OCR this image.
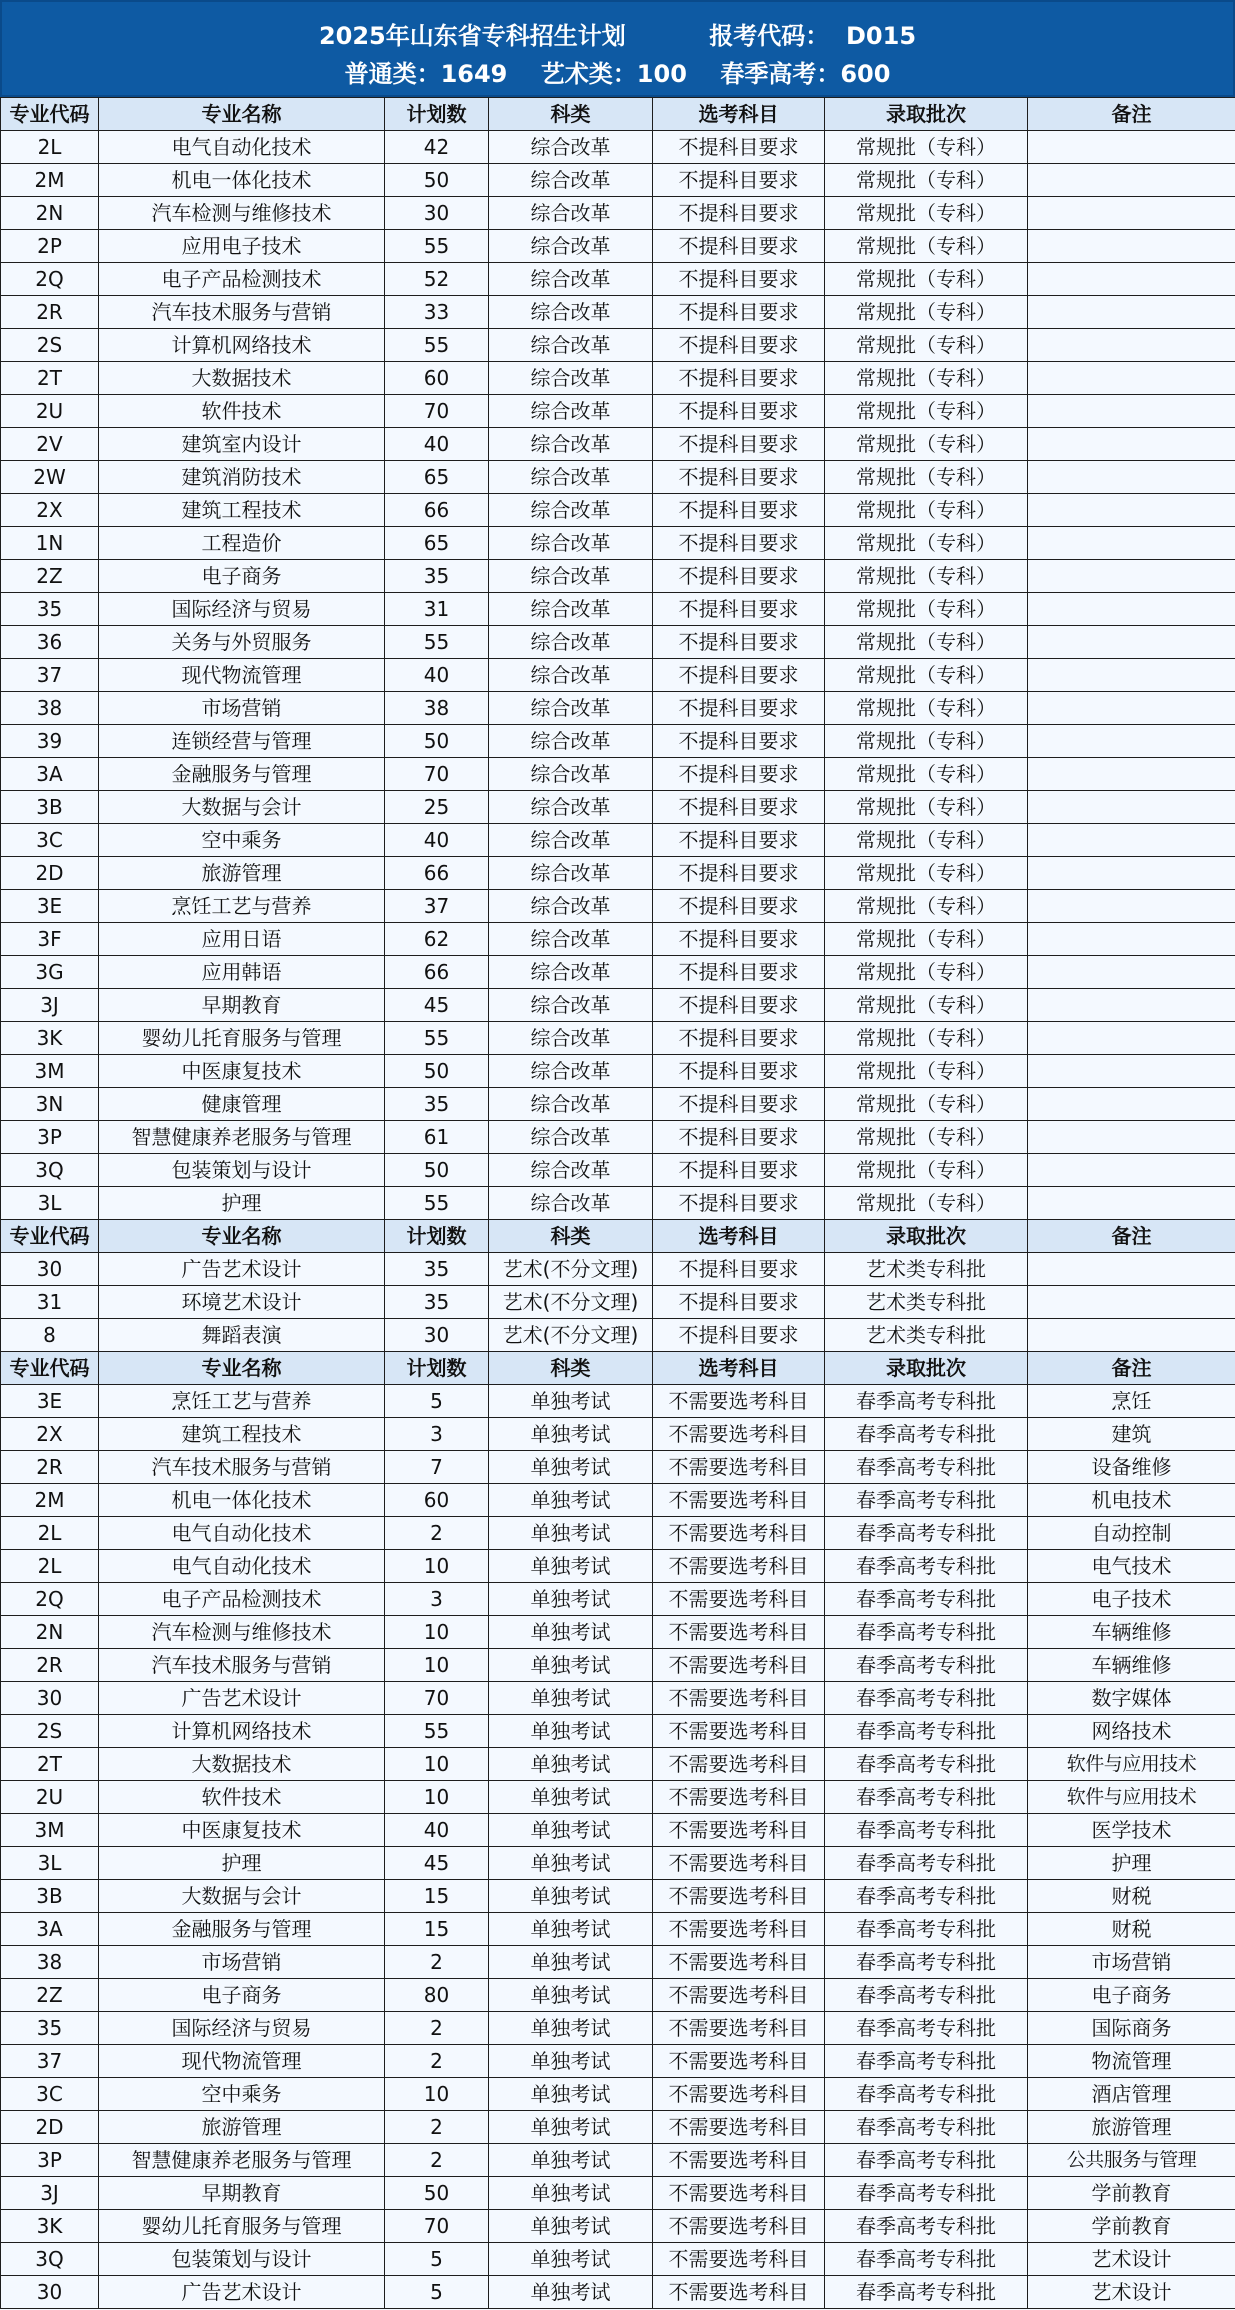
2025年山东省专科招生计划          报考代码：  D015
普通类：1649    艺术类：100    春季高考：600
专业代码	专业名称	计划数	科类	选考科目	录取批次	备注
2L	电气自动化技术	42	综合改革	不提科目要求	常规批（专科）	
2M	机电一体化技术	50	综合改革	不提科目要求	常规批（专科）	
2N	汽车检测与维修技术	30	综合改革	不提科目要求	常规批（专科）	
2P	应用电子技术	55	综合改革	不提科目要求	常规批（专科）	
2Q	电子产品检测技术	52	综合改革	不提科目要求	常规批（专科）	
2R	汽车技术服务与营销	33	综合改革	不提科目要求	常规批（专科）	
2S	计算机网络技术	55	综合改革	不提科目要求	常规批（专科）	
2T	大数据技术	60	综合改革	不提科目要求	常规批（专科）	
2U	软件技术	70	综合改革	不提科目要求	常规批（专科）	
2V	建筑室内设计	40	综合改革	不提科目要求	常规批（专科）	
2W	建筑消防技术	65	综合改革	不提科目要求	常规批（专科）	
2X	建筑工程技术	66	综合改革	不提科目要求	常规批（专科）	
1N	工程造价	65	综合改革	不提科目要求	常规批（专科）	
2Z	电子商务	35	综合改革	不提科目要求	常规批（专科）	
35	国际经济与贸易	31	综合改革	不提科目要求	常规批（专科）	
36	关务与外贸服务	55	综合改革	不提科目要求	常规批（专科）	
37	现代物流管理	40	综合改革	不提科目要求	常规批（专科）	
38	市场营销	38	综合改革	不提科目要求	常规批（专科）	
39	连锁经营与管理	50	综合改革	不提科目要求	常规批（专科）	
3A	金融服务与管理	70	综合改革	不提科目要求	常规批（专科）	
3B	大数据与会计	25	综合改革	不提科目要求	常规批（专科）	
3C	空中乘务	40	综合改革	不提科目要求	常规批（专科）	
2D	旅游管理	66	综合改革	不提科目要求	常规批（专科）	
3E	烹饪工艺与营养	37	综合改革	不提科目要求	常规批（专科）	
3F	应用日语	62	综合改革	不提科目要求	常规批（专科）	
3G	应用韩语	66	综合改革	不提科目要求	常规批（专科）	
3J	早期教育	45	综合改革	不提科目要求	常规批（专科）	
3K	婴幼儿托育服务与管理	55	综合改革	不提科目要求	常规批（专科）	
3M	中医康复技术	50	综合改革	不提科目要求	常规批（专科）	
3N	健康管理	35	综合改革	不提科目要求	常规批（专科）	
3P	智慧健康养老服务与管理	61	综合改革	不提科目要求	常规批（专科）	
3Q	包装策划与设计	50	综合改革	不提科目要求	常规批（专科）	
3L	护理	55	综合改革	不提科目要求	常规批（专科）	
专业代码	专业名称	计划数	科类	选考科目	录取批次	备注
30	广告艺术设计	35	艺术(不分文理)	不提科目要求	艺术类专科批	
31	环境艺术设计	35	艺术(不分文理)	不提科目要求	艺术类专科批	
8	舞蹈表演	30	艺术(不分文理)	不提科目要求	艺术类专科批	
专业代码	专业名称	计划数	科类	选考科目	录取批次	备注
3E	烹饪工艺与营养	5	单独考试	不需要选考科目	春季高考专科批	烹饪
2X	建筑工程技术	3	单独考试	不需要选考科目	春季高考专科批	建筑
2R	汽车技术服务与营销	7	单独考试	不需要选考科目	春季高考专科批	设备维修
2M	机电一体化技术	60	单独考试	不需要选考科目	春季高考专科批	机电技术
2L	电气自动化技术	2	单独考试	不需要选考科目	春季高考专科批	自动控制
2L	电气自动化技术	10	单独考试	不需要选考科目	春季高考专科批	电气技术
2Q	电子产品检测技术	3	单独考试	不需要选考科目	春季高考专科批	电子技术
2N	汽车检测与维修技术	10	单独考试	不需要选考科目	春季高考专科批	车辆维修
2R	汽车技术服务与营销	10	单独考试	不需要选考科目	春季高考专科批	车辆维修
30	广告艺术设计	70	单独考试	不需要选考科目	春季高考专科批	数字媒体
2S	计算机网络技术	55	单独考试	不需要选考科目	春季高考专科批	网络技术
2T	大数据技术	10	单独考试	不需要选考科目	春季高考专科批	软件与应用技术
2U	软件技术	10	单独考试	不需要选考科目	春季高考专科批	软件与应用技术
3M	中医康复技术	40	单独考试	不需要选考科目	春季高考专科批	医学技术
3L	护理	45	单独考试	不需要选考科目	春季高考专科批	护理
3B	大数据与会计	15	单独考试	不需要选考科目	春季高考专科批	财税
3A	金融服务与管理	15	单独考试	不需要选考科目	春季高考专科批	财税
38	市场营销	2	单独考试	不需要选考科目	春季高考专科批	市场营销
2Z	电子商务	80	单独考试	不需要选考科目	春季高考专科批	电子商务
35	国际经济与贸易	2	单独考试	不需要选考科目	春季高考专科批	国际商务
37	现代物流管理	2	单独考试	不需要选考科目	春季高考专科批	物流管理
3C	空中乘务	10	单独考试	不需要选考科目	春季高考专科批	酒店管理
2D	旅游管理	2	单独考试	不需要选考科目	春季高考专科批	旅游管理
3P	智慧健康养老服务与管理	2	单独考试	不需要选考科目	春季高考专科批	公共服务与管理
3J	早期教育	50	单独考试	不需要选考科目	春季高考专科批	学前教育
3K	婴幼儿托育服务与管理	70	单独考试	不需要选考科目	春季高考专科批	学前教育
3Q	包装策划与设计	5	单独考试	不需要选考科目	春季高考专科批	艺术设计
30	广告艺术设计	5	单独考试	不需要选考科目	春季高考专科批	艺术设计
